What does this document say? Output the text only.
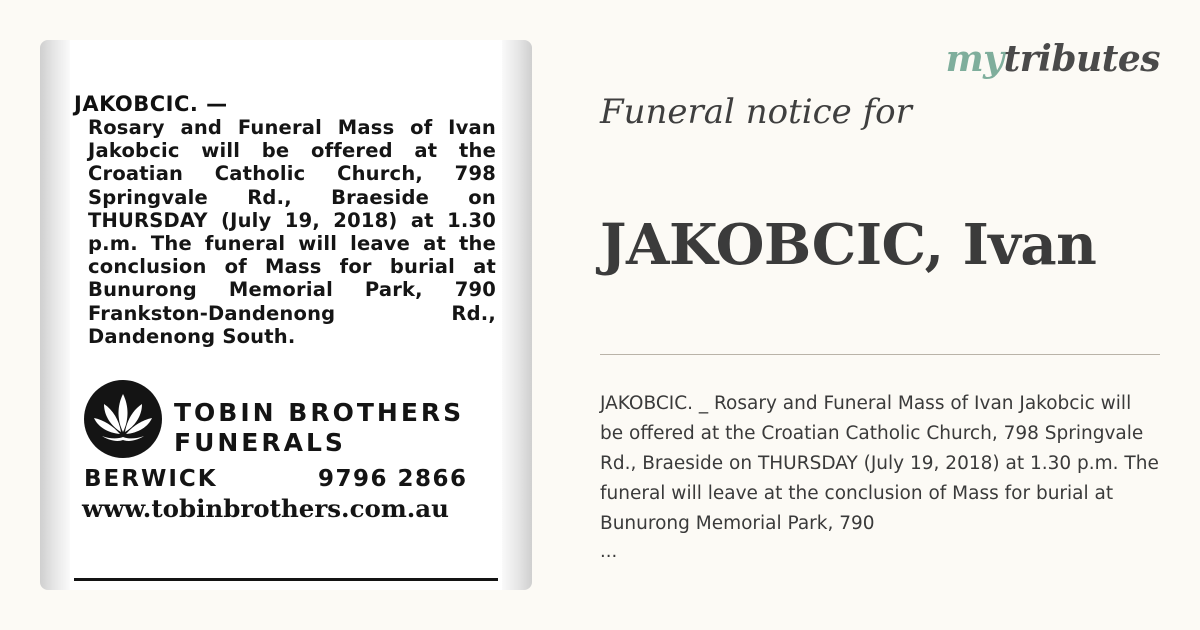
JAKOBCIC. —
Rosary and Funeral Mass of Ivan Jakobcic will be offered at the Croatian Catholic Church, 798 Springvale Rd., Braeside on THURSDAY (July 19, 2018) at 1.30 p.m. The funeral will leave at the conclusion of Mass for burial at Bunurong Memorial Park, 790 Frankston-Dandenong Rd., Dandenong South.
TOBIN BROTHERS
FUNERALS
BERWICK	9796 2866
www.tobinbrothers.com.au
mytributes
Funeral notice for
JAKOBCIC, Ivan

JAKOBCIC. _ Rosary and Funeral Mass of Ivan Jakobcic will be offered at the Croatian Catholic Church, 798 Springvale Rd., Braeside on THURSDAY (July 19, 2018) at 1.30 p.m. The funeral will leave at the conclusion of Mass for burial at Bunurong Memorial Park, 790

...
